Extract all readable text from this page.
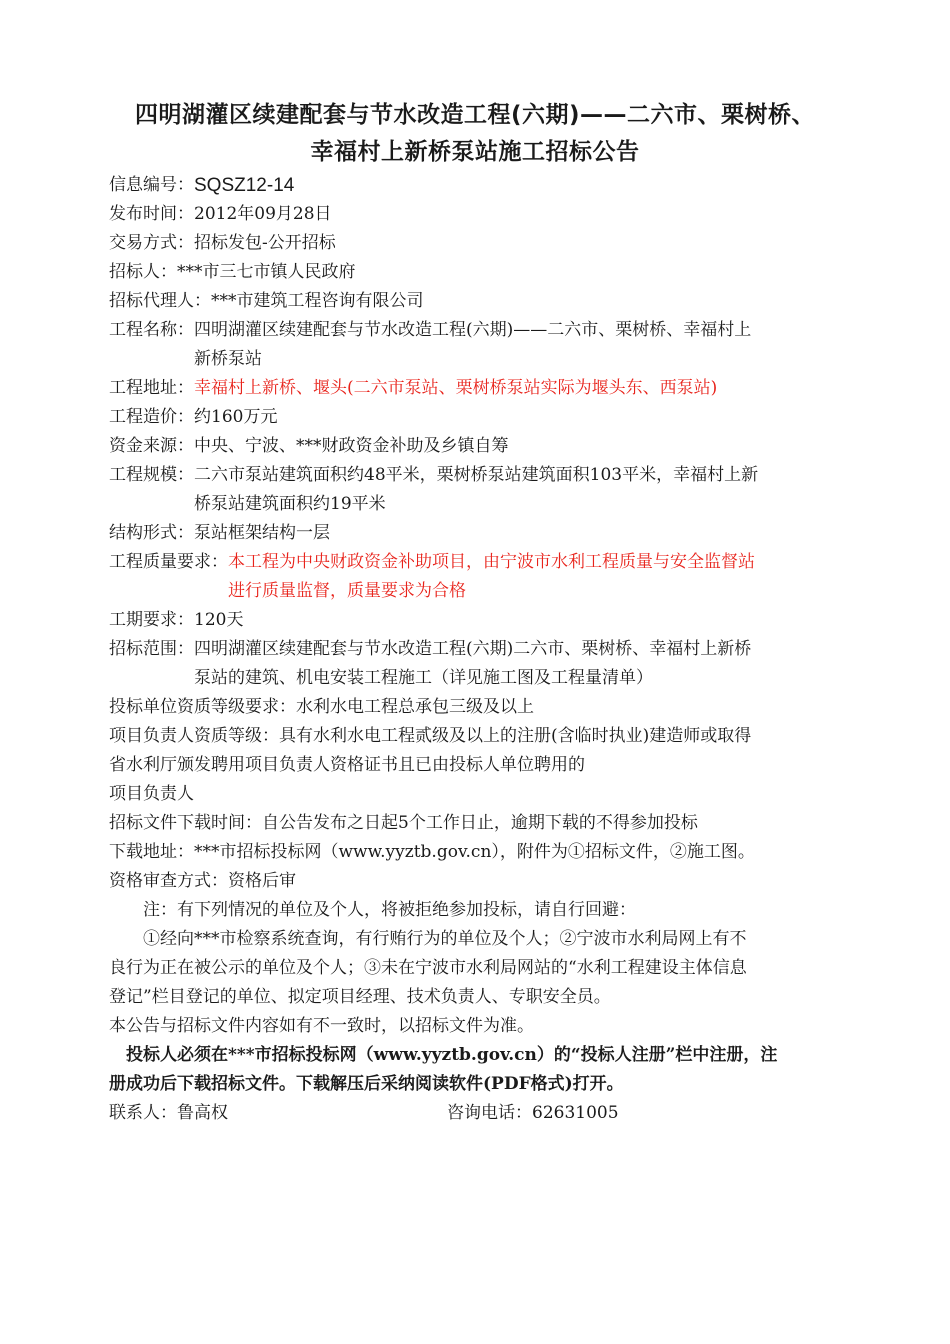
四明湖灌区续建配套与节水改造工程(六期)——二六市、栗树桥、
幸福村上新桥泵站施工招标公告
信息编号： SQSZ12-14
发布时间： 2012年09月28日
交易方式： 招标发包-公开招标
招标人： ***市三七市镇人民政府
招标代理人： ***市建筑工程咨询有限公司
工程名称： 四明湖灌区续建配套与节水改造工程(六期)——二六市、栗树桥、幸福村上
新桥泵站
工程地址： 幸福村上新桥、堰头(二六市泵站、栗树桥泵站实际为堰头东、西泵站)
工程造价： 约160万元
资金来源： 中央、宁波、***财政资金补助及乡镇自筹
工程规模： 二六市泵站建筑面积约48平米，栗树桥泵站建筑面积103平米，幸福村上新
桥泵站建筑面积约19平米
结构形式： 泵站框架结构一层
工程质量要求： 本工程为中央财政资金补助项目，由宁波市水利工程质量与安全监督站
进行质量监督，质量要求为合格
工期要求： 120天
招标范围： 四明湖灌区续建配套与节水改造工程(六期)二六市、栗树桥、幸福村上新桥
泵站的建筑、机电安装工程施工（详见施工图及工程量清单）
投标单位资质等级要求： 水利水电工程总承包三级及以上
项目负责人资质等级：具有水利水电工程贰级及以上的注册(含临时执业)建造师或取得
省水利厅颁发聘用项目负责人资格证书且已由投标人单位聘用的
项目负责人
招标文件下载时间： 自公告发布之日起5个工作日止，逾期下载的不得参加投标
下载地址： ***市招标投标网（www.yyztb.gov.cn），附件为①招标文件，②施工图。
资格审查方式： 资格后审
注：有下列情况的单位及个人，将被拒绝参加投标，请自行回避：
①经向***市检察系统查询，有行贿行为的单位及个人；②宁波市水利局网上有不
良行为正在被公示的单位及个人；③未在宁波市水利局网站的“水利工程建设主体信息
登记”栏目登记的单位、拟定项目经理、技术负责人、专职安全员。
本公告与招标文件内容如有不一致时，以招标文件为准。
投标人必须在***市招标投标网（www.yyztb.gov.cn）的“投标人注册”栏中注册，注
册成功后下载招标文件。下载解压后采纳阅读软件(PDF格式)打开。
联系人：鲁高权	咨询电话：62631005
